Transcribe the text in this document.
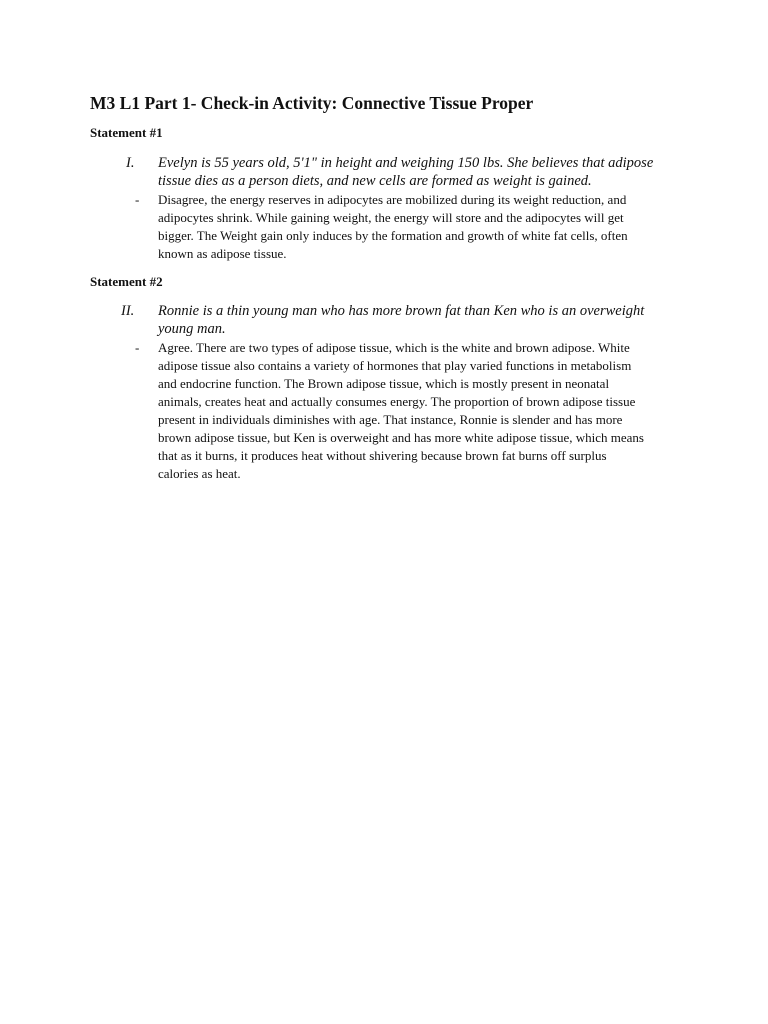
M3 L1 Part 1- Check-in Activity: Connective Tissue Proper
Statement #1
I. Evelyn is 55 years old, 5'1" in height and weighing 150 lbs. She believes that adipose
tissue dies as a person diets, and new cells are formed as weight is gained.
- Disagree, the energy reserves in adipocytes are mobilized during its weight reduction, and
adipocytes shrink. While gaining weight, the energy will store and the adipocytes will get
bigger. The Weight gain only induces by the formation and growth of white fat cells, often
known as adipose tissue.
Statement #2
II. Ronnie is a thin young man who has more brown fat than Ken who is an overweight
young man.
- Agree. There are two types of adipose tissue, which is the white and brown adipose. White
adipose tissue also contains a variety of hormones that play varied functions in metabolism
and endocrine function. The Brown adipose tissue, which is mostly present in neonatal
animals, creates heat and actually consumes energy. The proportion of brown adipose tissue
present in individuals diminishes with age. That instance, Ronnie is slender and has more
brown adipose tissue, but Ken is overweight and has more white adipose tissue, which means
that as it burns, it produces heat without shivering because brown fat burns off surplus
calories as heat.
